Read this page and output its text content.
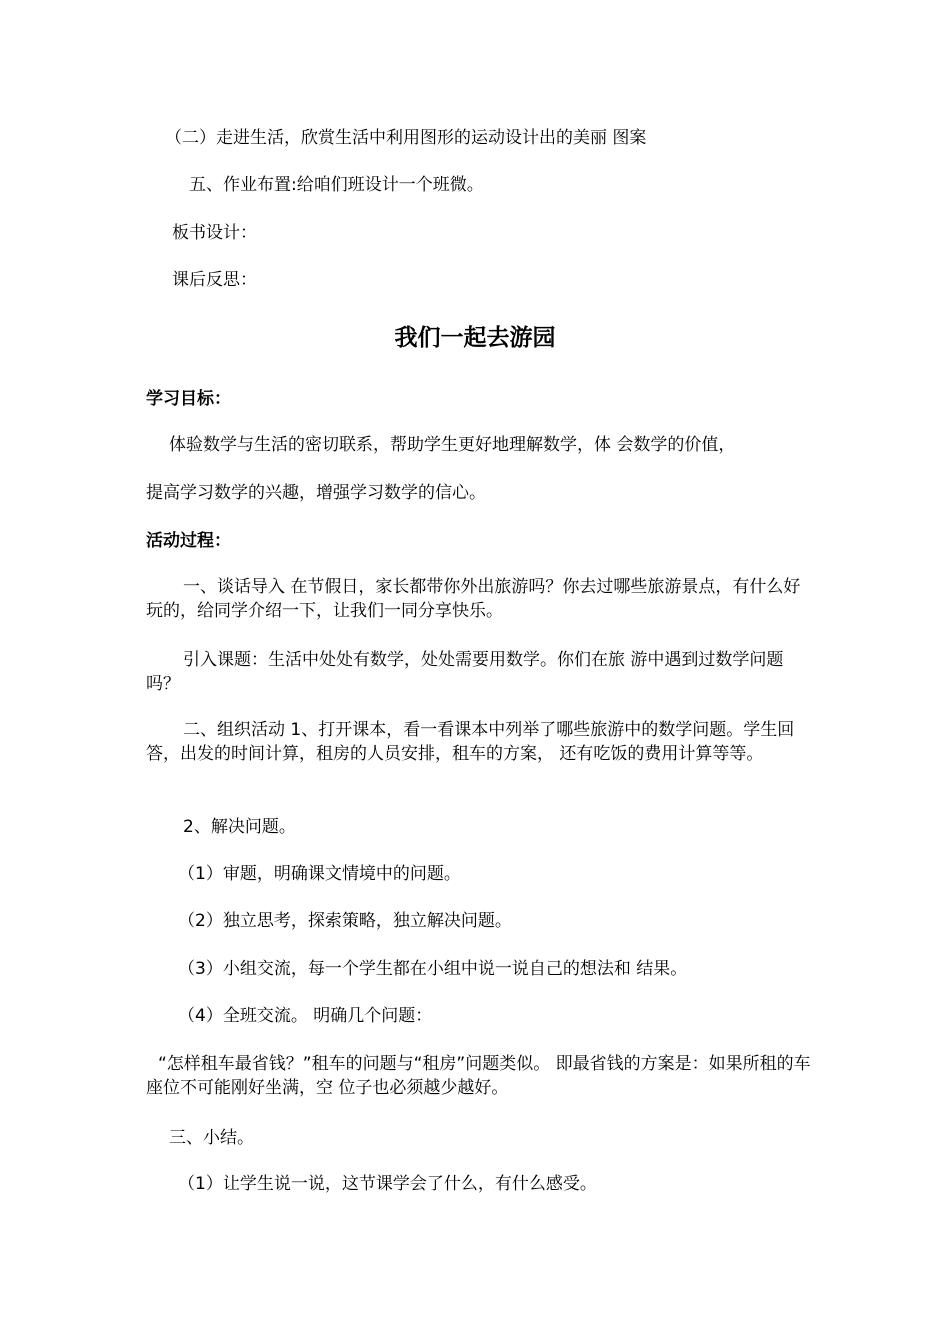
（二）走进生活，欣赏生活中利用图形的运动设计出的美丽 图案
五、作业布置:给咱们班设计一个班微。
板书设计：
课后反思：
我们一起去游园
学习目标：
体验数学与生活的密切联系，帮助学生更好地理解数学，体 会数学的价值，
提高学习数学的兴趣，增强学习数学的信心。
活动过程：
一、谈话导入 在节假日，家长都带你外出旅游吗？你去过哪些旅游景点，有什么好玩的，给同学介绍一下，让我们一同分享快乐。
引入课题：生活中处处有数学，处处需要用数学。你们在旅 游中遇到过数学问题吗？
二、组织活动 1、打开课本，看一看课本中列举了哪些旅游中的数学问题。学生回答，出发的时间计算，租房的人员安排，租车的方案， 还有吃饭的费用计算等等。
2、解决问题。
（1）审题，明确课文情境中的问题。
（2）独立思考，探索策略，独立解决问题。
（3）小组交流，每一个学生都在小组中说一说自己的想法和 结果。
（4）全班交流。 明确几个问题：
“怎样租车最省钱？”租车的问题与“租房”问题类似。 即最省钱的方案是：如果所租的车座位不可能刚好坐满，空 位子也必须越少越好。
三、小结。
（1）让学生说一说，这节课学会了什么，有什么感受。
